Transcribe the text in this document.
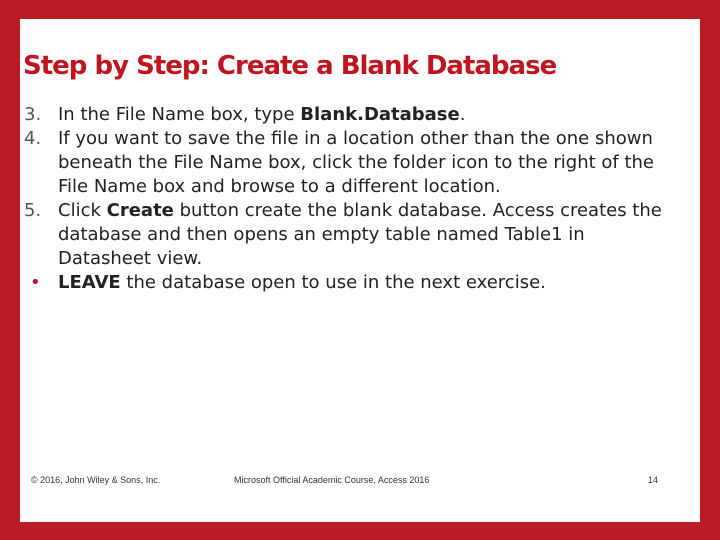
Step by Step: Create a Blank Database
3. In the File Name box, type Blank.Database.
4. If you want to save the file in a location other than the one shown beneath the File Name box, click the folder icon to the right of the File Name box and browse to a different location.
5. Click Create button create the blank database. Access creates the database and then opens an empty table named Table1 in Datasheet view.
• LEAVE the database open to use in the next exercise.
© 2016, John Wiley & Sons, Inc.	Microsoft Official Academic Course, Access 2016	14
